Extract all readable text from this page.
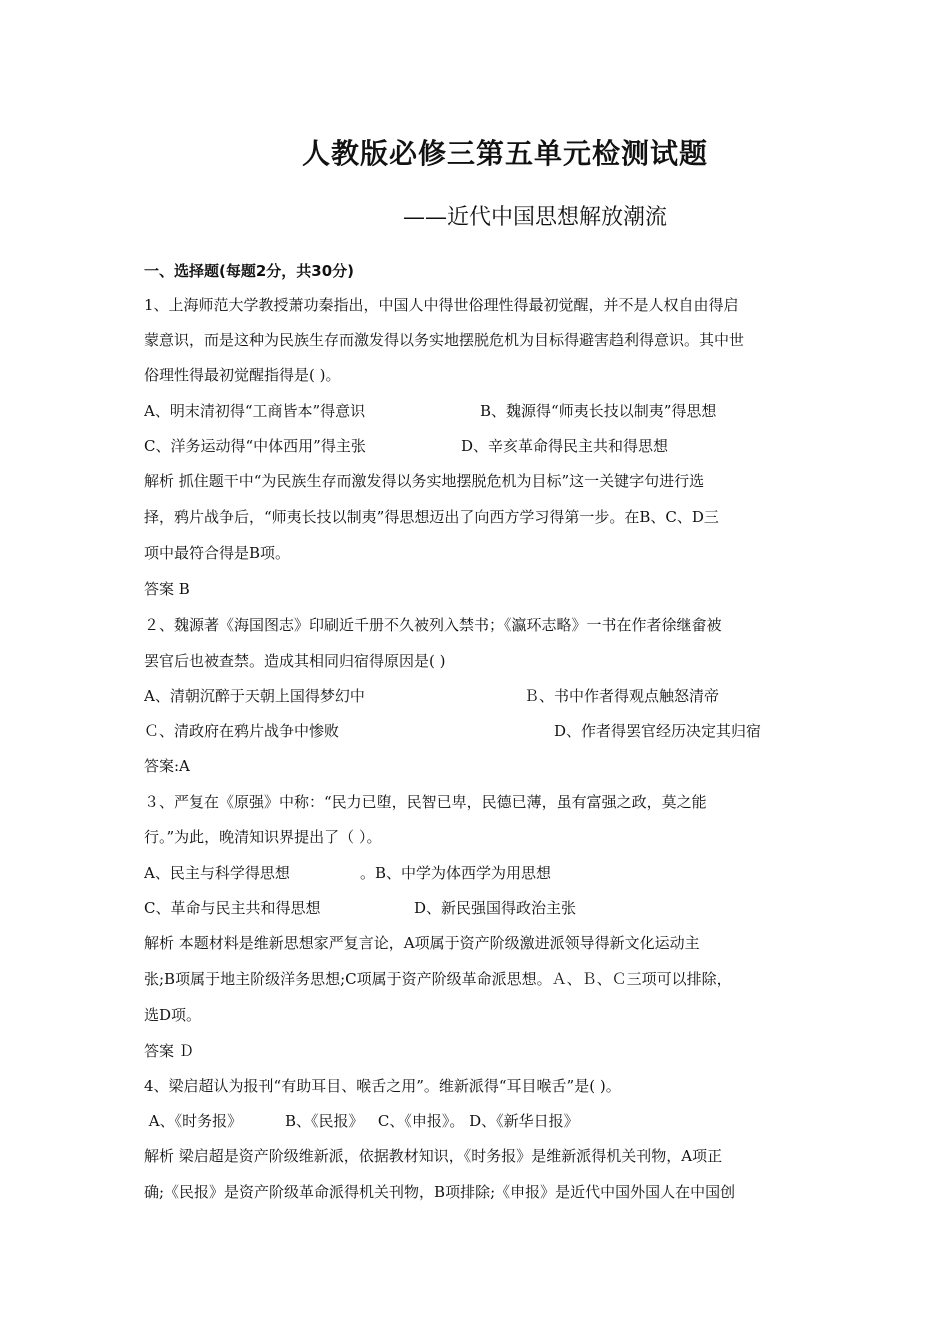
人教版必修三第五单元检测试题
——近代中国思想解放潮流
一、选择题(每题2分，共30分)
1、上海师范大学教授萧功秦指出，中国人中得世俗理性得最初觉醒，并不是人权自由得启
蒙意识，而是这种为民族生存而激发得以务实地摆脱危机为目标得避害趋利得意识。其中世
俗理性得最初觉醒指得是( )。
A、明末清初得“工商皆本”得意识	B、魏源得“师夷长技以制夷”得思想
C、洋务运动得“中体西用”得主张	D、辛亥革命得民主共和得思想
解析 抓住题干中“为民族生存而激发得以务实地摆脱危机为目标”这一关键字句进行选
择，鸦片战争后，“师夷长技以制夷”得思想迈出了向西方学习得第一步。在B、C、D三
项中最符合得是B项。
答案 B
２、魏源著《海国图志》印刷近千册不久被列入禁书；《瀛环志略》一书在作者徐继畲被
罢官后也被查禁。造成其相同归宿得原因是( )
A、清朝沉醉于天朝上国得梦幻中	Ｂ、书中作者得观点触怒清帝
Ｃ、清政府在鸦片战争中惨败	D、作者得罢官经历决定其归宿
答案:A
３、严复在《原强》中称：“民力已堕，民智已卑，民德已薄，虽有富强之政，莫之能
行。”为此，晚清知识界提出了（ ）。
A、民主与科学得思想	。B、中学为体西学为用思想
C、革命与民主共和得思想	D、新民强国得政治主张
解析 本题材料是维新思想家严复言论，A项属于资产阶级激进派领导得新文化运动主
张;B项属于地主阶级洋务思想;C项属于资产阶级革命派思想。Ａ、Ｂ、Ｃ三项可以排除，
选D项。
答案 Ｄ
4、梁启超认为报刊“有助耳目、喉舌之用”。维新派得“耳目喉舌”是( )。
A、《时务报》         B、《民报》   C、《申报》。 D、《新华日报》
解析 梁启超是资产阶级维新派，依据教材知识，《时务报》是维新派得机关刊物，A项正
确;《民报》是资产阶级革命派得机关刊物，B项排除;《申报》是近代中国外国人在中国创
